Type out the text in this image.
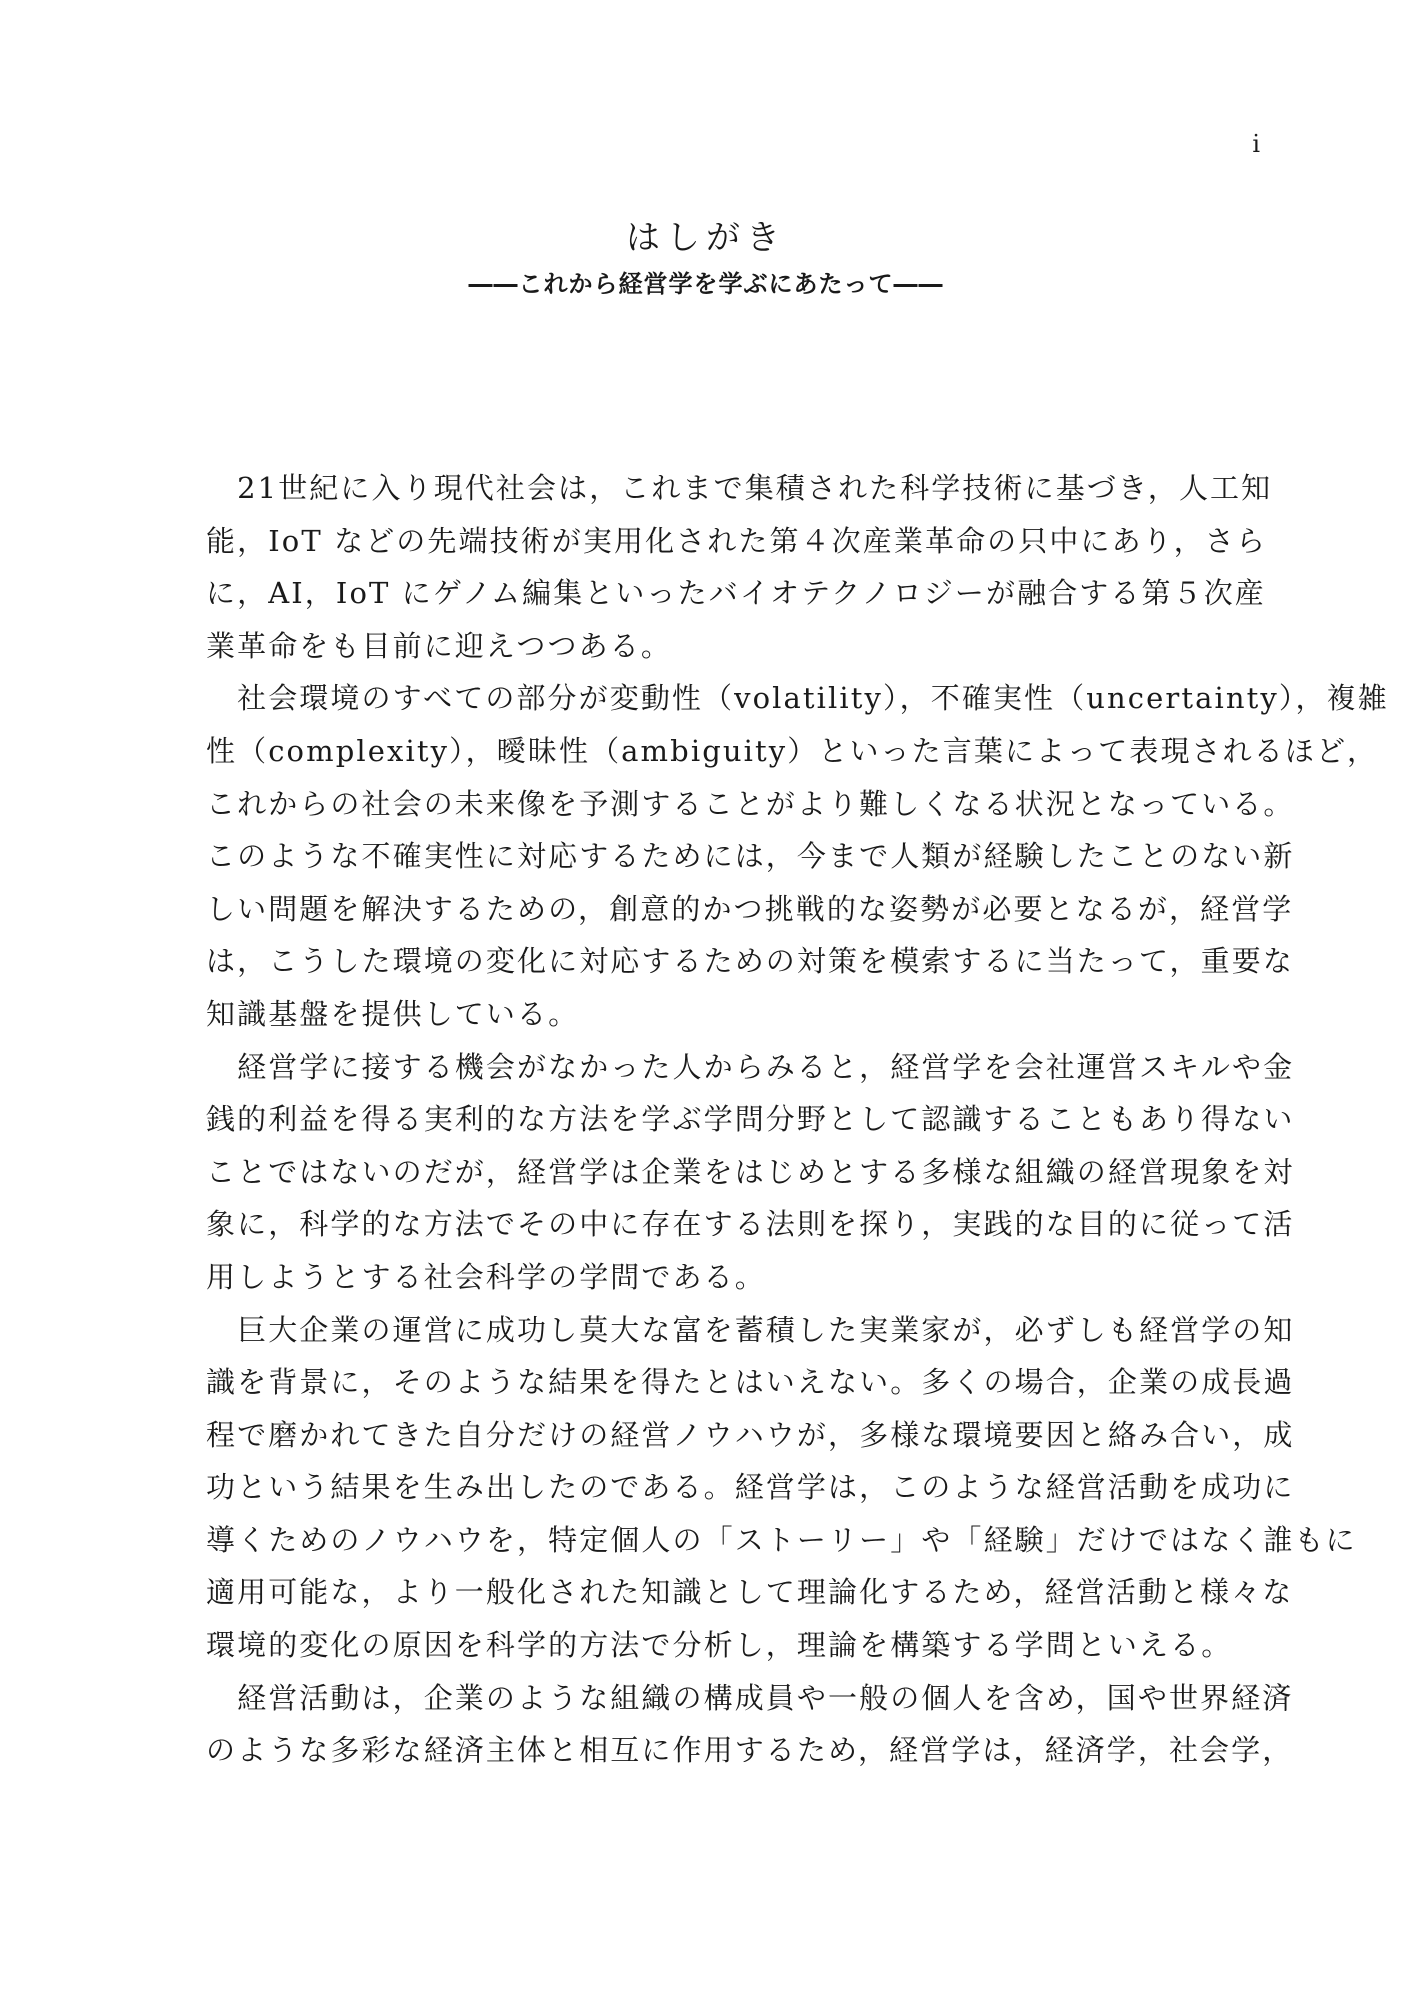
i
はしがき
――これから経営学を学ぶにあたって――
　21世紀に入り現代社会は，これまで集積された科学技術に基づき，人工知
能，IoT などの先端技術が実用化された第４次産業革命の只中にあり，さら
に，AI，IoT にゲノム編集といったバイオテクノロジーが融合する第５次産
業革命をも目前に迎えつつある。
　社会環境のすべての部分が変動性（volatility），不確実性（uncertainty），複雑
性（complexity），曖昧性（ambiguity）といった言葉によって表現されるほど，
これからの社会の未来像を予測することがより難しくなる状況となっている。
このような不確実性に対応するためには，今まで人類が経験したことのない新
しい問題を解決するための，創意的かつ挑戦的な姿勢が必要となるが，経営学
は，こうした環境の変化に対応するための対策を模索するに当たって，重要な
知識基盤を提供している。
　経営学に接する機会がなかった人からみると，経営学を会社運営スキルや金
銭的利益を得る実利的な方法を学ぶ学問分野として認識することもあり得ない
ことではないのだが，経営学は企業をはじめとする多様な組織の経営現象を対
象に，科学的な方法でその中に存在する法則を探り，実践的な目的に従って活
用しようとする社会科学の学問である。
　巨大企業の運営に成功し莫大な富を蓄積した実業家が，必ずしも経営学の知
識を背景に，そのような結果を得たとはいえない。多くの場合，企業の成長過
程で磨かれてきた自分だけの経営ノウハウが，多様な環境要因と絡み合い，成
功という結果を生み出したのである。経営学は，このような経営活動を成功に
導くためのノウハウを，特定個人の「ストーリー」や「経験」だけではなく誰もに
適用可能な，より一般化された知識として理論化するため，経営活動と様々な
環境的変化の原因を科学的方法で分析し，理論を構築する学問といえる。
　経営活動は，企業のような組織の構成員や一般の個人を含め，国や世界経済
のような多彩な経済主体と相互に作用するため，経営学は，経済学，社会学，
